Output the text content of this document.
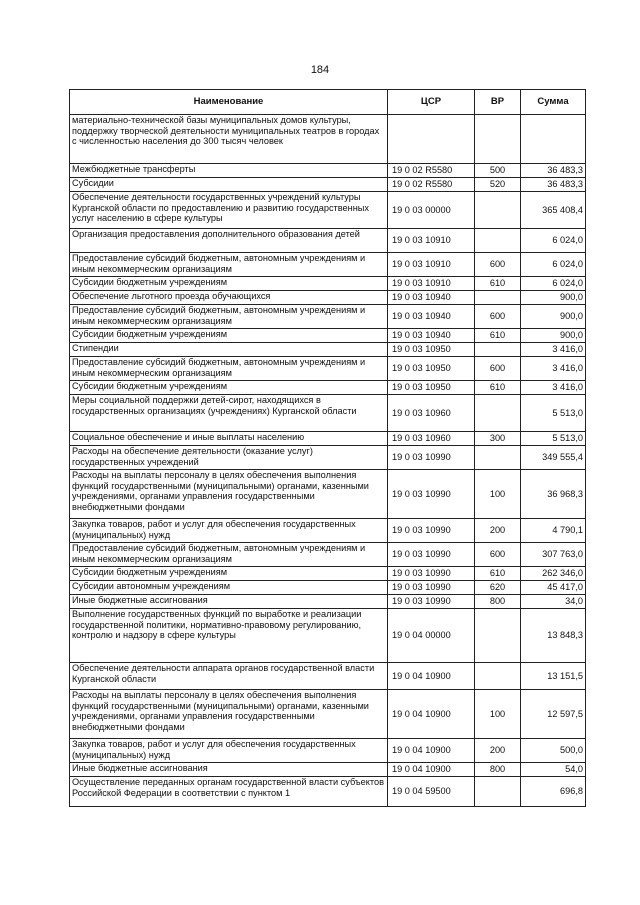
184
Наименование	ЦСР	ВР	Сумма
материально-технической базы муниципальных домов культуры, поддержку творческой деятельности муниципальных театров в городах с численностью населения до 300 тысяч человек			
Межбюджетные трансферты	19 0 02 R5580	500	36 483,3
Субсидии	19 0 02 R5580	520	36 483,3
Обеспечение деятельности государственных учреждений культуры Курганской области по предоставлению и развитию государственных услуг населению в сфере культуры	19 0 03 00000		365 408,4
Организация предоставления дополнительного образования детей	19 0 03 10910		6 024,0
Предоставление субсидий бюджетным, автономным учреждениям и иным некоммерческим организациям	19 0 03 10910	600	6 024,0
Субсидии бюджетным учреждениям	19 0 03 10910	610	6 024,0
Обеспечение льготного проезда обучающихся	19 0 03 10940		900,0
Предоставление субсидий бюджетным, автономным учреждениям и иным некоммерческим организациям	19 0 03 10940	600	900,0
Субсидии бюджетным учреждениям	19 0 03 10940	610	900,0
Стипендии	19 0 03 10950		3 416,0
Предоставление субсидий бюджетным, автономным учреждениям и иным некоммерческим организациям	19 0 03 10950	600	3 416,0
Субсидии бюджетным учреждениям	19 0 03 10950	610	3 416,0
Меры социальной поддержки детей-сирот, находящихся в государственных организациях (учреждениях) Курганской области	19 0 03 10960		5 513,0
Социальное обеспечение и иные выплаты населению	19 0 03 10960	300	5 513,0
Расходы на обеспечение деятельности (оказание услуг) государственных учреждений	19 0 03 10990		349 555,4
Расходы на выплаты персоналу в целях обеспечения выполнения функций государственными (муниципальными) органами, казенными учреждениями, органами управления государственными внебюджетными фондами	19 0 03 10990	100	36 968,3
Закупка товаров, работ и услуг для обеспечения государственных (муниципальных) нужд	19 0 03 10990	200	4 790,1
Предоставление субсидий бюджетным, автономным учреждениям и иным некоммерческим организациям	19 0 03 10990	600	307 763,0
Субсидии бюджетным учреждениям	19 0 03 10990	610	262 346,0
Субсидии автономным учреждениям	19 0 03 10990	620	45 417,0
Иные бюджетные ассигнования	19 0 03 10990	800	34,0
Выполнение государственных функций по выработке и реализации государственной политики, нормативно-правовому регулированию, контролю и надзору в сфере культуры	19 0 04 00000		13 848,3
Обеспечение деятельности аппарата органов государственной власти Курганской области	19 0 04 10900		13 151,5
Расходы на выплаты персоналу в целях обеспечения выполнения функций государственными (муниципальными) органами, казенными учреждениями, органами управления государственными внебюджетными фондами	19 0 04 10900	100	12 597,5
Закупка товаров, работ и услуг для обеспечения государственных (муниципальных) нужд	19 0 04 10900	200	500,0
Иные бюджетные ассигнования	19 0 04 10900	800	54,0
Осуществление переданных органам государственной власти субъектов Российской Федерации в соответствии с пунктом 1	19 0 04 59500		696,8
